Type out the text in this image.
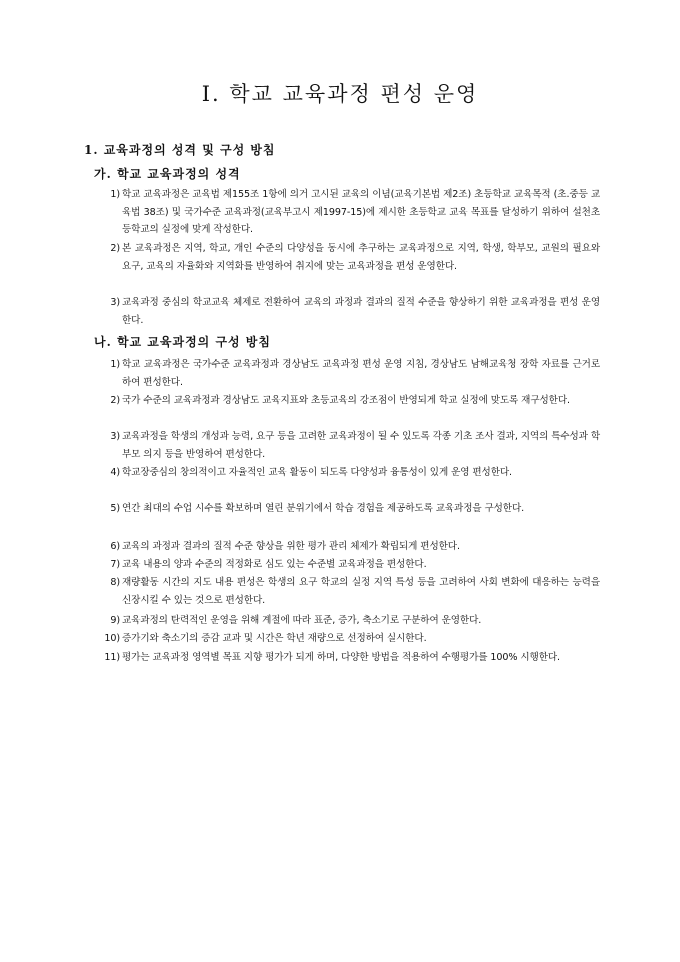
Ⅰ. 학교 교육과정 편성 운영
1. 교육과정의 성격 및 구성 방침
가. 학교 교육과정의 성격
1) 학교 교육과정은 교육법 제155조 1항에 의거 고시된 교육의 이념(교육기본법 제2조) 초등학교 교육목적 (초.중등 교육법 38조) 및 국가수준 교육과정(교육부고시 제1997-15)에 제시한 초등학교 교육 목표를 달성하기 위하여 설천초등학교의 실정에 맞게 작성한다.
2) 본 교육과정은 지역, 학교, 개인 수준의 다양성을 동시에 추구하는 교육과정으로 지역, 학생, 학부모, 교원의 필요와 요구, 교육의 자율화와 지역화를 반영하여 취지에 맞는 교육과정을 편성 운영한다.
3) 교육과정 중심의 학교교육 체제로 전환하여 교육의 과정과 결과의 질적 수준을 향상하기 위한 교육과정을 편성 운영한다.
나. 학교 교육과정의 구성 방침
1) 학교 교육과정은 국가수준 교육과정과 경상남도 교육과정 편성 운영 지침, 경상남도 남해교육청 장학 자료를 근거로 하여 편성한다.
2) 국가 수준의 교육과정과 경상남도 교육지표와 초등교육의 강조점이 반영되게 학교 실정에 맞도록 재구성한다.
3) 교육과정을 학생의 개성과 능력, 요구 등을 고려한 교육과정이 될 수 있도록 각종 기초 조사 결과, 지역의 특수성과 학부모 의지 등을 반영하여 편성한다.
4) 학교장중심의 창의적이고 자율적인 교육 활동이 되도록 다양성과 융통성이 있게 운영 편성한다.
5) 연간 최대의 수업 시수를 확보하며 열린 분위기에서 학습 경험을 제공하도록 교육과정을 구성한다.
6) 교육의 과정과 결과의 질적 수준 향상을 위한 평가 관리 체제가 확립되게 편성한다.
7) 교육 내용의 양과 수준의 적정화로 심도 있는 수준별 교육과정을 편성한다.
8) 재량활동 시간의 지도 내용 편성은 학생의 요구 학교의 실정 지역 특성 등을 고려하여 사회 변화에 대응하는 능력을 신장시킬 수 있는 것으로 편성한다.
9) 교육과정의 탄력적인 운영을 위해 계절에 따라 표준, 증가, 축소기로 구분하여 운영한다.
10) 증가기와 축소기의 증감 교과 및 시간은 학년 재량으로 선정하여 실시한다.
11) 평가는 교육과정 영역별 목표 지향 평가가 되게 하며, 다양한 방법을 적용하여 수행평가를 100% 시행한다.
